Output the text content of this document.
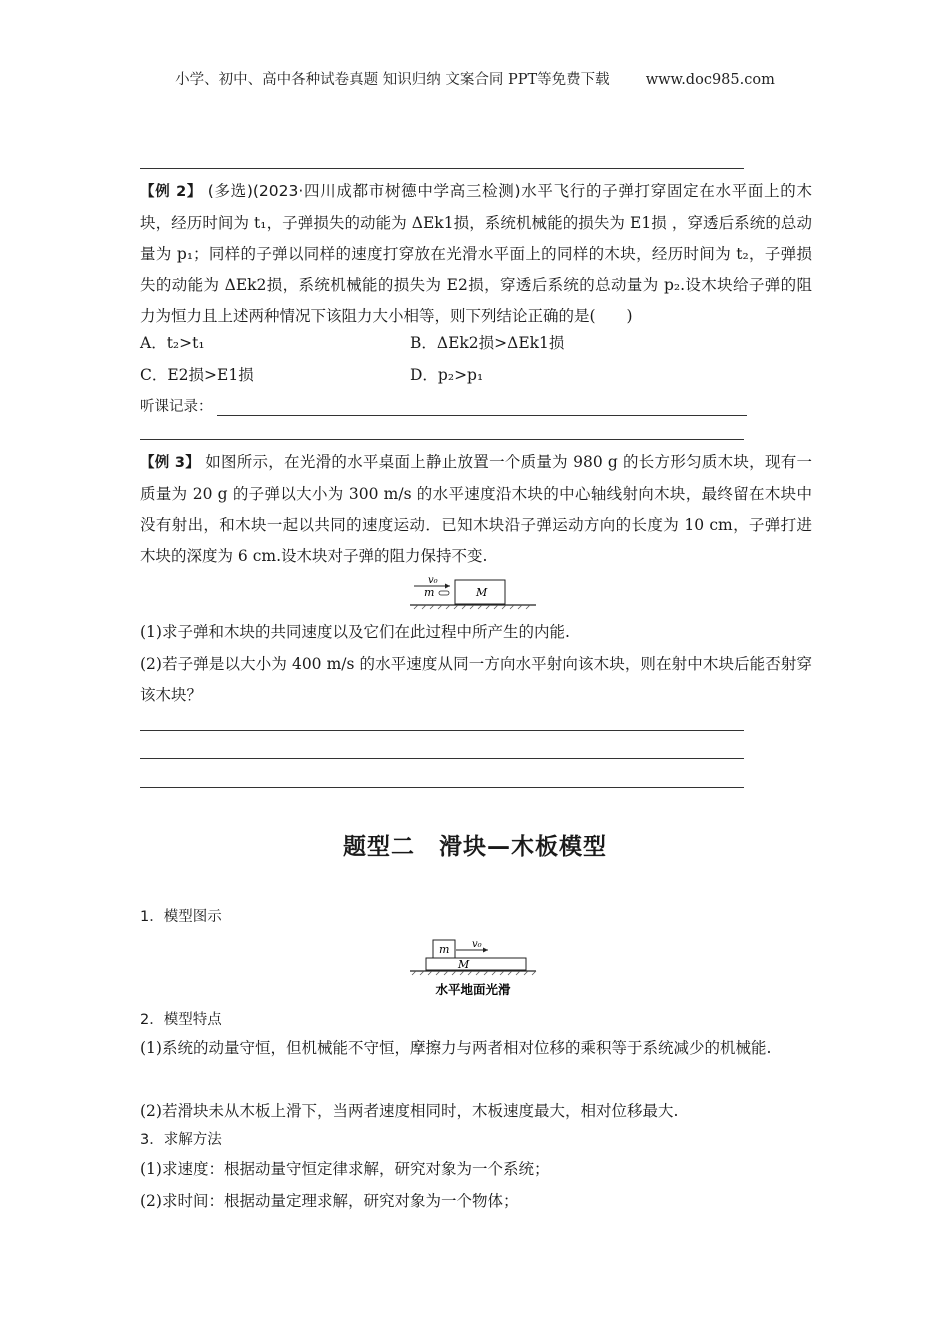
小学、初中、高中各种试卷真题 知识归纳 文案合同 PPT等免费下载 www.doc985.com
【例 2】 (多选)(2023·四川成都市树德中学高三检测)水平飞行的子弹打穿固定在水平面上的木块，经历时间为 t₁，子弹损失的动能为 ΔEk1损，系统机械能的损失为 E1损 ，穿透后系统的总动量为 p₁；同样的子弹以同样的速度打穿放在光滑水平面上的同样的木块，经历时间为 t₂，子弹损失的动能为 ΔEk2损，系统机械能的损失为 E2损，穿透后系统的总动量为 p₂.设木块给子弹的阻力为恒力且上述两种情况下该阻力大小相等，则下列结论正确的是(　　)
A．t₂>t₁	B．ΔEk2损>ΔEk1损
C．E2损>E1损	D．p₂>p₁
听课记录：
【例 3】 如图所示，在光滑的水平桌面上静止放置一个质量为 980 g 的长方形匀质木块，现有一质量为 20 g 的子弹以大小为 300 m/s 的水平速度沿木块的中心轴线射向木块，最终留在木块中没有射出，和木块一起以共同的速度运动．已知木块沿子弹运动方向的长度为 10 cm，子弹打进木块的深度为 6 cm.设木块对子弹的阻力保持不变.
v₀
m	M
(1)求子弹和木块的共同速度以及它们在此过程中所产生的内能.
(2)若子弹是以大小为 400 m/s 的水平速度从同一方向水平射向该木块，则在射中木块后能否射穿该木块？
题型二 滑块—木板模型
1．模型图示
m v₀
M
水平地面光滑
2．模型特点
(1)系统的动量守恒，但机械能不守恒，摩擦力与两者相对位移的乘积等于系统减少的机械能.
(2)若滑块未从木板上滑下，当两者速度相同时，木板速度最大，相对位移最大.
3．求解方法
(1)求速度：根据动量守恒定律求解，研究对象为一个系统；
(2)求时间：根据动量定理求解，研究对象为一个物体；
